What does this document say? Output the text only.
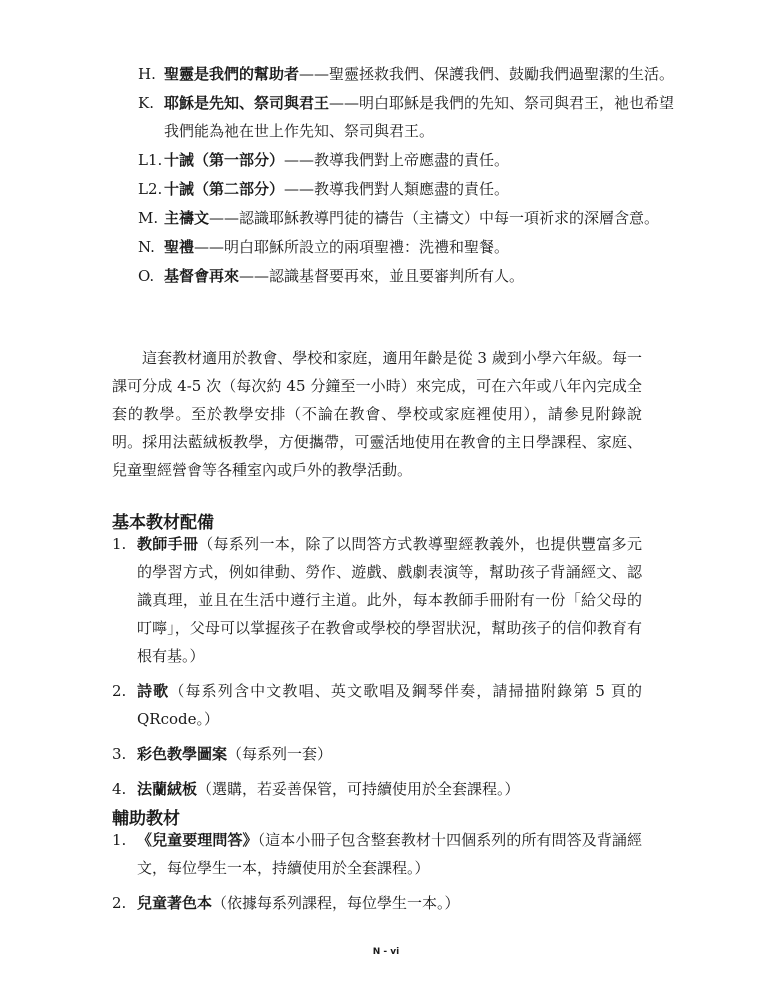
H. 聖靈是我們的幫助者——聖靈拯救我們、保護我們、鼓勵我們過聖潔的生活。
K. 耶穌是先知、祭司與君王——明白耶穌是我們的先知、祭司與君王，祂也希望我們能為祂在世上作先知、祭司與君王。
L1. 十誡（第一部分）——教導我們對上帝應盡的責任。
L2. 十誡（第二部分）——教導我們對人類應盡的責任。
M. 主禱文——認識耶穌教導門徒的禱告（主禱文）中每一項祈求的深層含意。
N. 聖禮——明白耶穌所設立的兩項聖禮：洗禮和聖餐。
O. 基督會再來——認識基督要再來，並且要審判所有人。

這套教材適用於教會、學校和家庭，適用年齡是從 3 歲到小學六年級。每一課可分成 4-5 次（每次約 45 分鐘至一小時）來完成，可在六年或八年內完成全套的教學。至於教學安排（不論在教會、學校或家庭裡使用），請參見附錄說明。採用法藍絨板教學，方便攜帶，可靈活地使用在教會的主日學課程、家庭、兒童聖經營會等各種室內或戶外的教學活動。

基本教材配備
1. 教師手冊（每系列一本，除了以問答方式教導聖經教義外，也提供豐富多元的學習方式，例如律動、勞作、遊戲、戲劇表演等，幫助孩子背誦經文、認識真理，並且在生活中遵行主道。此外，每本教師手冊附有一份「給父母的叮嚀」，父母可以掌握孩子在教會或學校的學習狀況，幫助孩子的信仰教育有根有基。）
2. 詩歌（每系列含中文教唱、英文歌唱及鋼琴伴奏，請掃描附錄第 5 頁的 QRcode。）
3. 彩色教學圖案（每系列一套）
4. 法蘭絨板（選購，若妥善保管，可持續使用於全套課程。）
輔助教材
1. 《兒童要理問答》（這本小冊子包含整套教材十四個系列的所有問答及背誦經文，每位學生一本，持續使用於全套課程。）
2. 兒童著色本（依據每系列課程，每位學生一本。）
N - vi
